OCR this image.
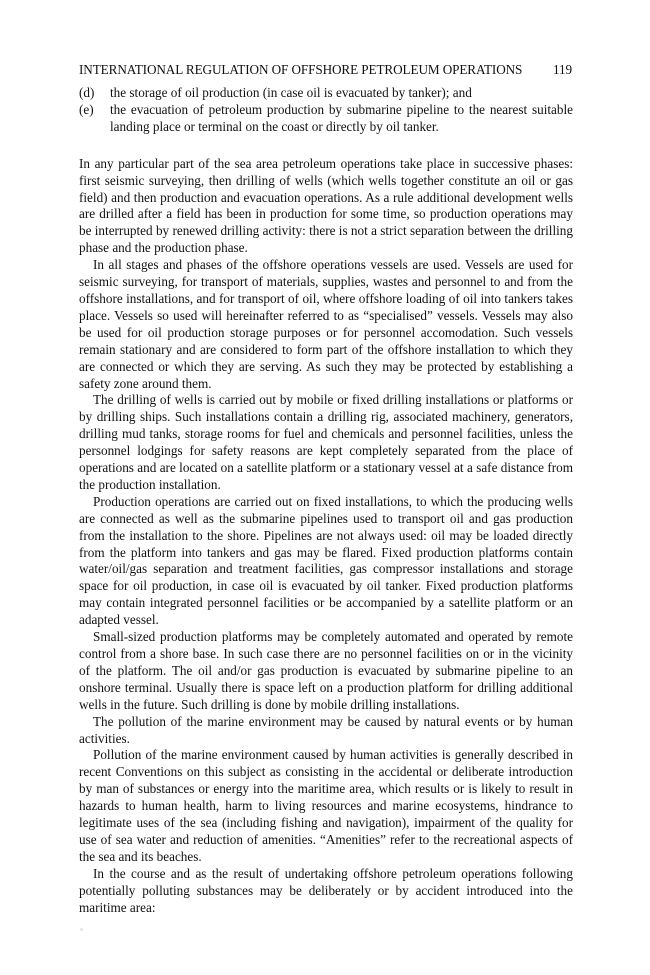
INTERNATIONAL REGULATION OF OFFSHORE PETROLEUM OPERATIONS 119
(d)	the storage of oil production (in case oil is evacuated by tanker); and
(e)	the evacuation of petroleum production by submarine pipeline to the nearest suitable landing place or terminal on the coast or directly by oil tanker.

In any particular part of the sea area petroleum operations take place in successive phases: first seismic surveying, then drilling of wells (which wells together constitute an oil or gas field) and then production and evacuation operations. As a rule additional development wells are drilled after a field has been in production for some time, so production operations may be interrupted by renewed drilling activity: there is not a strict separation between the drilling phase and the production phase.

In all stages and phases of the offshore operations vessels are used. Vessels are used for seismic surveying, for transport of materials, supplies, wastes and personnel to and from the offshore installations, and for transport of oil, where offshore loading of oil into tankers takes place. Vessels so used will hereinafter referred to as “specialised” vessels. Vessels may also be used for oil production storage purposes or for personnel accomodation. Such vessels remain stationary and are considered to form part of the offshore installation to which they are connected or which they are serving. As such they may be protected by establishing a safety zone around them.

The drilling of wells is carried out by mobile or fixed drilling installations or platforms or by drilling ships. Such installations contain a drilling rig, associated machinery, generators, drilling mud tanks, storage rooms for fuel and chemicals and personnel facilities, unless the personnel lodgings for safety reasons are kept completely separated from the place of operations and are located on a satellite platform or a stationary vessel at a safe distance from the production installation.

Production operations are carried out on fixed installations, to which the producing wells are connected as well as the submarine pipelines used to transport oil and gas production from the installation to the shore. Pipelines are not always used: oil may be loaded directly from the platform into tankers and gas may be flared. Fixed production platforms contain water/oil/gas separation and treatment facilities, gas compressor installations and storage space for oil production, in case oil is evacuated by oil tanker. Fixed production platforms may contain integrated personnel facilities or be accompanied by a satellite platform or an adapted vessel.

Small-sized production platforms may be completely automated and operated by remote control from a shore base. In such case there are no personnel facilities on or in the vicinity of the platform. The oil and/or gas production is evacuated by submarine pipeline to an onshore terminal. Usually there is space left on a production platform for drilling additional wells in the future. Such drilling is done by mobile drilling installations.

The pollution of the marine environment may be caused by natural events or by human activities.

Pollution of the marine environment caused by human activities is generally described in recent Conventions on this subject as consisting in the accidental or deliberate introduction by man of substances or energy into the maritime area, which results or is likely to result in hazards to human health, harm to living resources and marine ecosystems, hindrance to legitimate uses of the sea (including fishing and navigation), impairment of the quality for use of sea water and reduction of amenities. “Amenities” refer to the recreational aspects of the sea and its beaches.

In the course and as the result of undertaking offshore petroleum operations following potentially polluting substances may be deliberately or by accident introduced into the maritime area:
